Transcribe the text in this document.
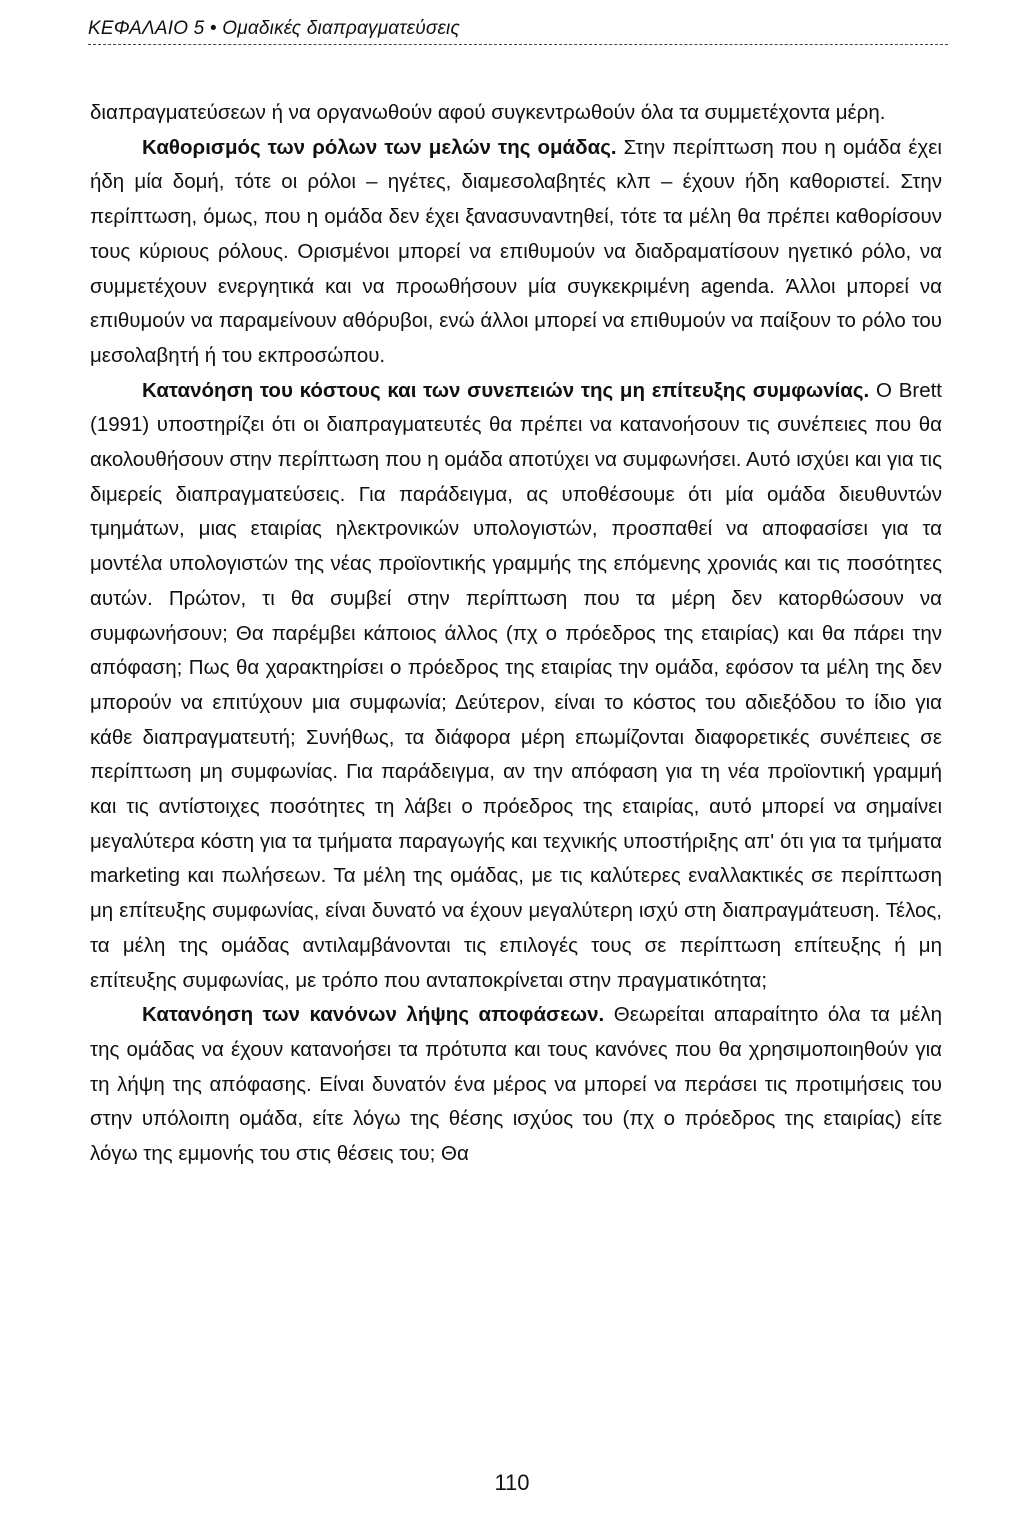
ΚΕΦΑΛΑΙΟ 5 • Ομαδικές διαπραγματεύσεις

διαπραγματεύσεων ή να οργανωθούν αφού συγκεντρωθούν όλα τα συμμετέχοντα μέρη.

Καθορισμός των ρόλων των μελών της ομάδας. Στην περίπτωση που η ομάδα έχει ήδη μία δομή, τότε οι ρόλοι – ηγέτες, διαμεσολαβητές κλπ – έχουν ήδη καθοριστεί. Στην περίπτωση, όμως, που η ομάδα δεν έχει ξανασυναντηθεί, τότε τα μέλη θα πρέπει καθορίσουν τους κύριους ρόλους. Ορισμένοι μπορεί να επιθυμούν να διαδραματίσουν ηγετικό ρόλο, να συμμετέχουν ενεργητικά και να προωθήσουν μία συγκεκριμένη agenda. Άλλοι μπορεί να επιθυμούν να παραμείνουν αθόρυβοι, ενώ άλλοι μπορεί να επιθυμούν να παίξουν το ρόλο του μεσολαβητή ή του εκπροσώπου.

Κατανόηση του κόστους και των συνεπειών της μη επίτευξης συμφωνίας. Ο Brett (1991) υποστηρίζει ότι οι διαπραγματευτές θα πρέπει να κατανοήσουν τις συνέπειες που θα ακολουθήσουν στην περίπτωση που η ομάδα αποτύχει να συμφωνήσει. Αυτό ισχύει και για τις διμερείς διαπραγματεύσεις. Για παράδειγμα, ας υποθέσουμε ότι μία ομάδα διευθυντών τμημάτων, μιας εταιρίας ηλεκτρονικών υπολογιστών, προσπαθεί να αποφασίσει για τα μοντέλα υπολογιστών της νέας προϊοντικής γραμμής της επόμενης χρονιάς και τις ποσότητες αυτών. Πρώτον, τι θα συμβεί στην περίπτωση που τα μέρη δεν κατορθώσουν να συμφωνήσουν; Θα παρέμβει κάποιος άλλος (πχ ο πρόεδρος της εταιρίας) και θα πάρει την απόφαση; Πως θα χαρακτηρίσει ο πρόεδρος της εταιρίας την ομάδα, εφόσον τα μέλη της δεν μπορούν να επιτύχουν μια συμφωνία; Δεύτερον, είναι το κόστος του αδιεξόδου το ίδιο για κάθε διαπραγματευτή; Συνήθως, τα διάφορα μέρη επωμίζονται διαφορετικές συνέπειες σε περίπτωση μη συμφωνίας. Για παράδειγμα, αν την απόφαση για τη νέα προϊοντική γραμμή και τις αντίστοιχες ποσότητες τη λάβει ο πρόεδρος της εταιρίας, αυτό μπορεί να σημαίνει μεγαλύτερα κόστη για τα τμήματα παραγωγής και τεχνικής υποστήριξης απ' ότι για τα τμήματα marketing και πωλήσεων. Τα μέλη της ομάδας, με τις καλύτερες εναλλακτικές σε περίπτωση μη επίτευξης συμφωνίας, είναι δυνατό να έχουν μεγαλύτερη ισχύ στη διαπραγμάτευση. Τέλος, τα μέλη της ομάδας αντιλαμβάνονται τις επιλογές τους σε περίπτωση επίτευξης ή μη επίτευξης συμφωνίας, με τρόπο που ανταποκρίνεται στην πραγματικότητα;

Κατανόηση των κανόνων λήψης αποφάσεων. Θεωρείται απαραίτητο όλα τα μέλη της ομάδας να έχουν κατανοήσει τα πρότυπα και τους κανόνες που θα χρησιμοποιηθούν για τη λήψη της απόφασης. Είναι δυνατόν ένα μέρος να μπορεί να περάσει τις προτιμήσεις του στην υπόλοιπη ομάδα, είτε λόγω της θέσης ισχύος του (πχ ο πρόεδρος της εταιρίας) είτε λόγω της εμμονής του στις θέσεις του; Θα

110
